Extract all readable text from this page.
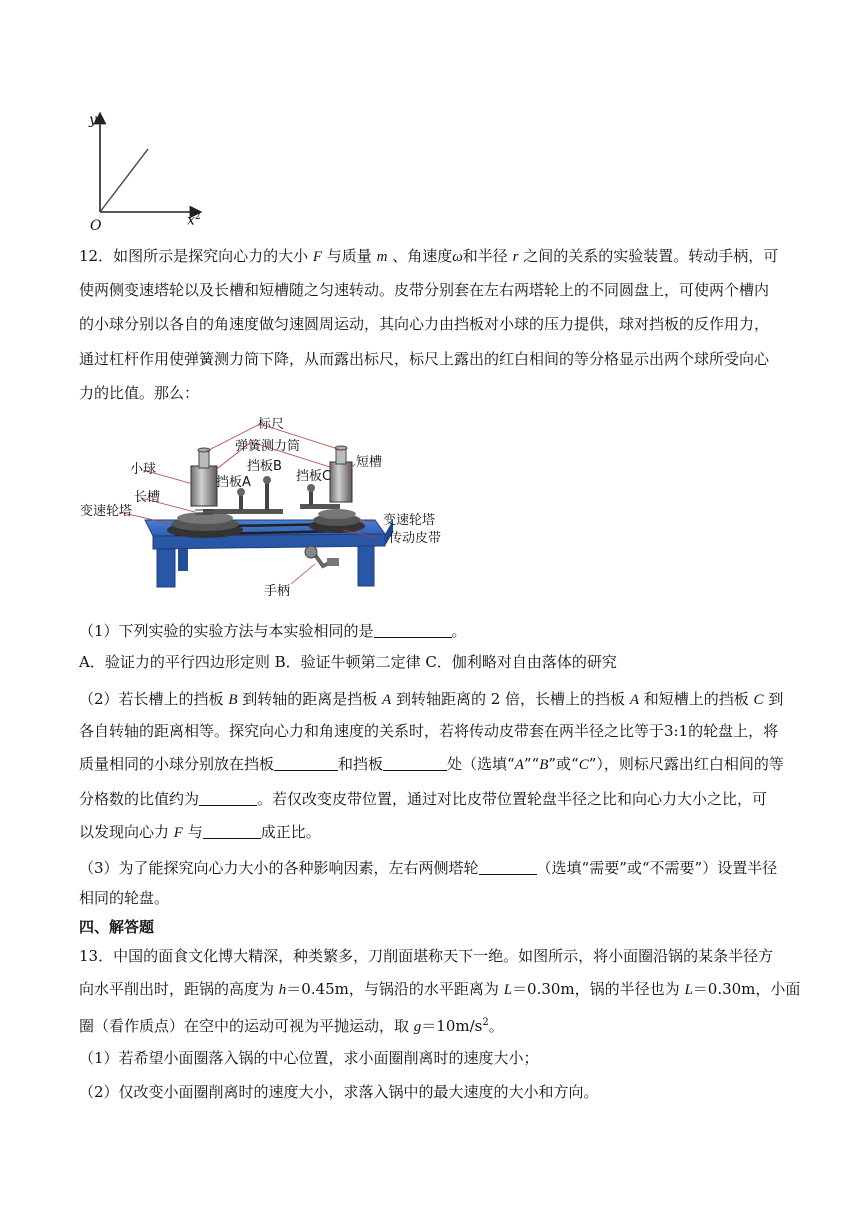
y
O	$x^2$
12．如图所示是探究向心力的大小 F 与质量 m 、角速度ω和半径 r 之间的关系的实验装置。转动手柄，可
使两侧变速塔轮以及长槽和短槽随之匀速转动。皮带分别套在左右两塔轮上的不同圆盘上，可使两个槽内
的小球分别以各自的角速度做匀速圆周运动，其向心力由挡板对小球的压力提供，球对挡板的反作用力，
通过杠杆作用使弹簧测力筒下降，从而露出标尺，标尺上露出的红白相间的等分格显示出两个球所受向心
力的比值。那么：
标尺
弹簧测力筒
挡板B
小球	短槽
挡板A	挡板C
长槽
变速轮塔
变速轮塔
传动皮带
手柄
（1）下列实验的实验方法与本实验相同的是	。
A．验证力的平行四边形定则 B．验证牛顿第二定律 C．伽利略对自由落体的研究
（2）若长槽上的挡板 B 到转轴的距离是挡板 A 到转轴距离的 2 倍，长槽上的挡板 A 和短槽上的挡板 C 到
各自转轴的距离相等。探究向心力和角速度的关系时，若将传动皮带套在两半径之比等于3:1的轮盘上，将
质量相同的小球分别放在挡板	和挡板	处（选填“A”“B”或“C”），则标尺露出红白相间的等
分格数的比值约为	。若仅改变皮带位置，通过对比皮带位置轮盘半径之比和向心力大小之比，可
以发现向心力 F 与	成正比。
（3）为了能探究向心力大小的各种影响因素，左右两侧塔轮	（选填“需要”或“不需要”）设置半径
相同的轮盘。
四、解答题
13．中国的面食文化博大精深，种类繁多，刀削面堪称天下一绝。如图所示，将小面圈沿锅的某条半径方
向水平削出时，距锅的高度为 h＝0.45m，与锅沿的水平距离为 L＝0.30m，锅的半径也为 L＝0.30m，小面
圈（看作质点）在空中的运动可视为平抛运动，取 $g=10m/s^2$。
（1）若希望小面圈落入锅的中心位置，求小面圈削离时的速度大小；
（2）仅改变小面圈削离时的速度大小，求落入锅中的最大速度的大小和方向。
